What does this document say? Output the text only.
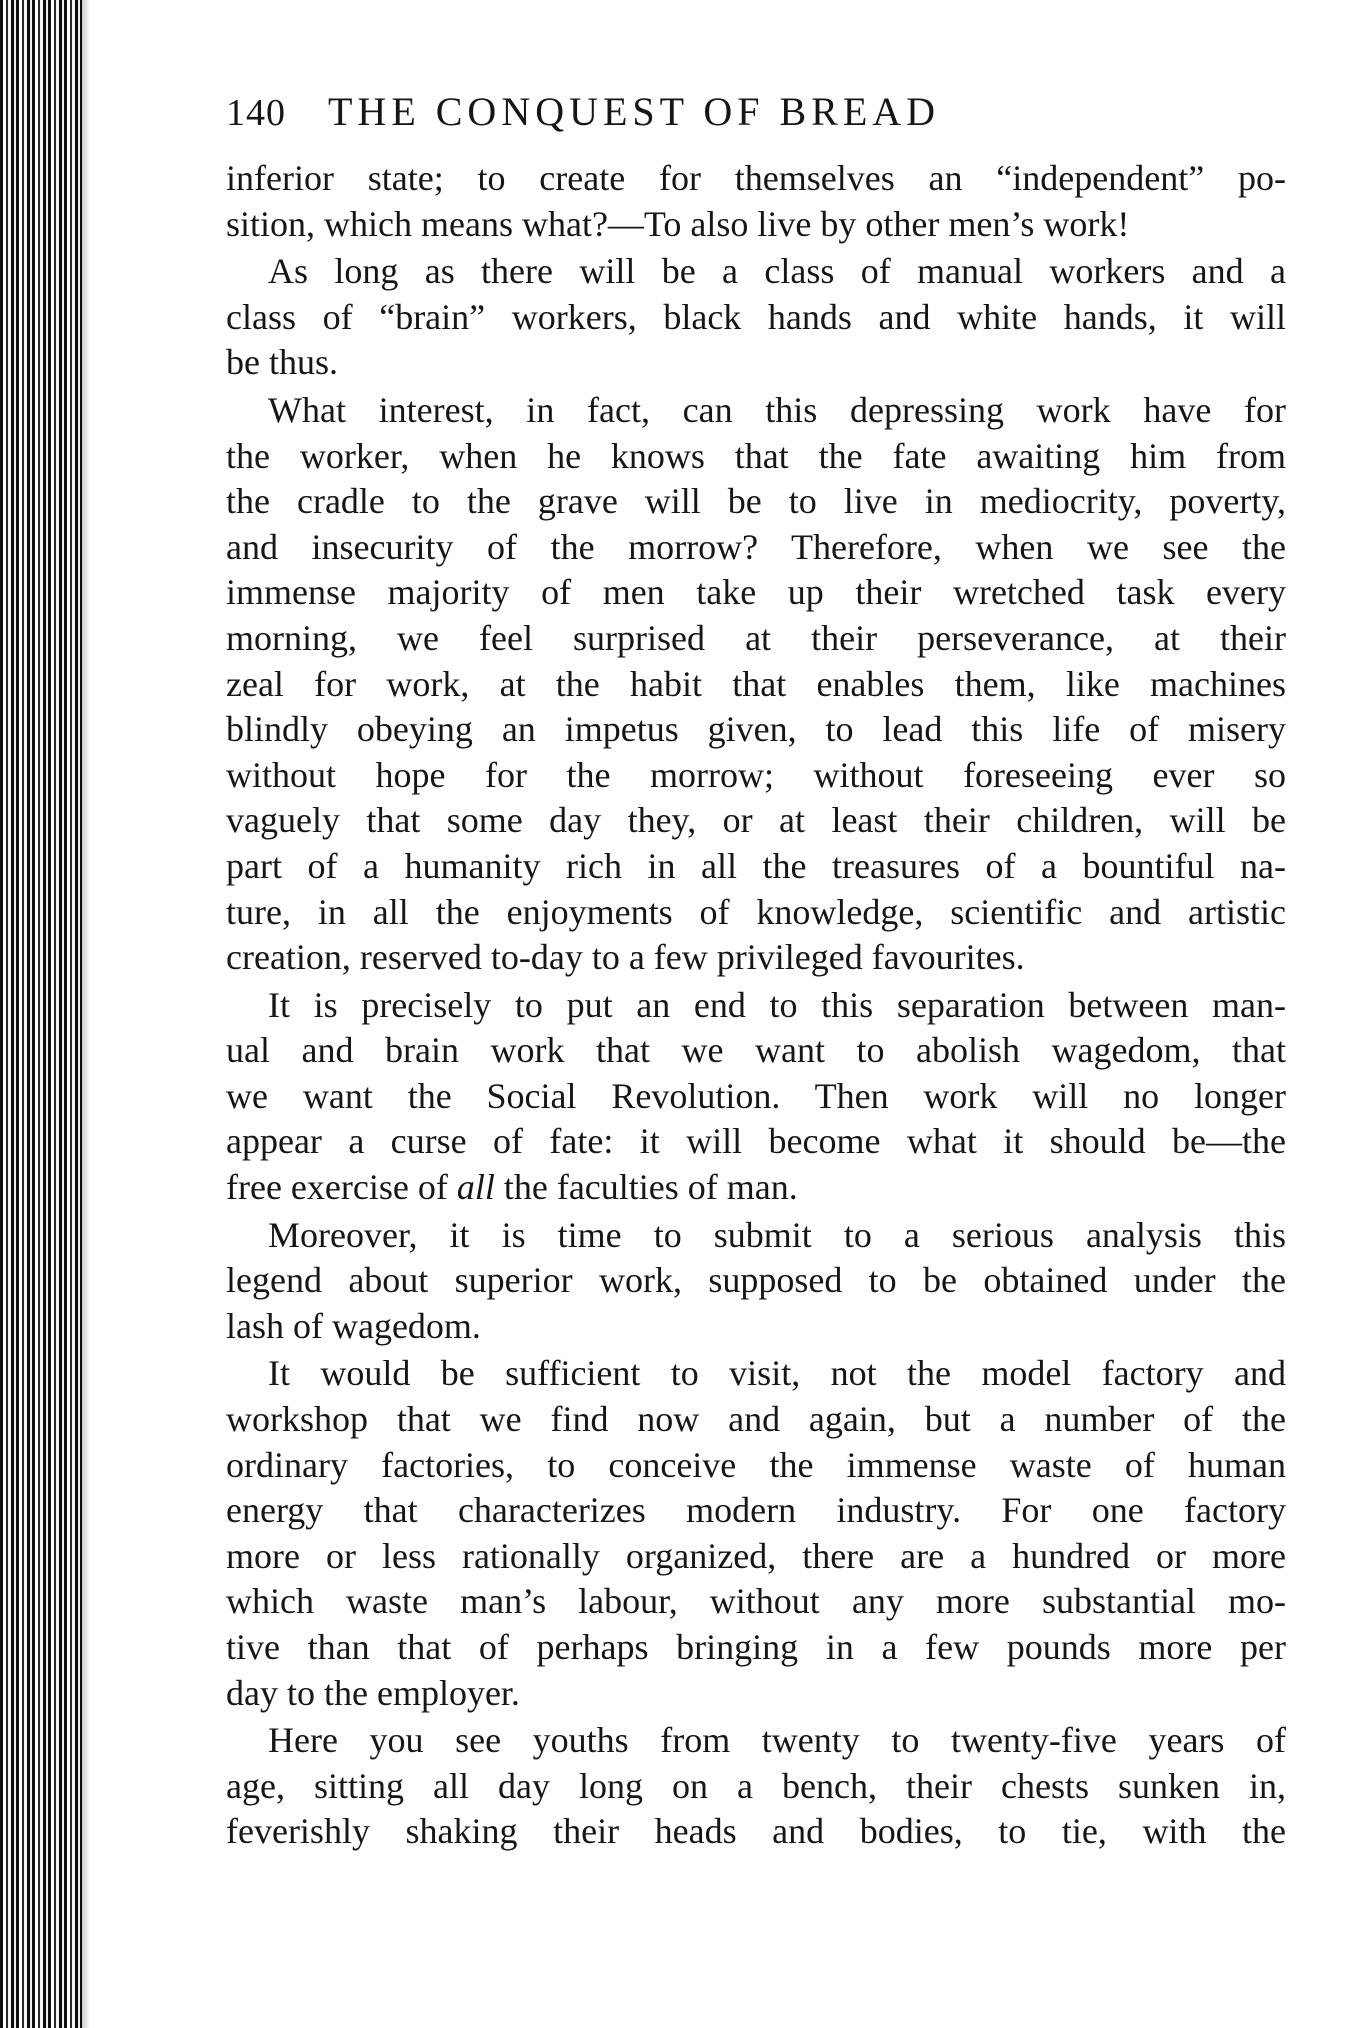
140 THE CONQUEST OF BREAD
inferior state; to create for themselves an “independent” po-
sition, which means what?—To also live by other men’s work!
As long as there will be a class of manual workers and a
class of “brain” workers, black hands and white hands, it will
be thus.
What interest, in fact, can this depressing work have for
the worker, when he knows that the fate awaiting him from
the cradle to the grave will be to live in mediocrity, poverty,
and insecurity of the morrow? Therefore, when we see the
immense majority of men take up their wretched task every
morning, we feel surprised at their perseverance, at their
zeal for work, at the habit that enables them, like machines
blindly obeying an impetus given, to lead this life of misery
without hope for the morrow; without foreseeing ever so
vaguely that some day they, or at least their children, will be
part of a humanity rich in all the treasures of a bountiful na-
ture, in all the enjoyments of knowledge, scientific and artistic
creation, reserved to-day to a few privileged favourites.
It is precisely to put an end to this separation between man-
ual and brain work that we want to abolish wagedom, that
we want the Social Revolution. Then work will no longer
appear a curse of fate: it will become what it should be—the
free exercise of all the faculties of man.
Moreover, it is time to submit to a serious analysis this
legend about superior work, supposed to be obtained under the
lash of wagedom.
It would be sufficient to visit, not the model factory and
workshop that we find now and again, but a number of the
ordinary factories, to conceive the immense waste of human
energy that characterizes modern industry. For one factory
more or less rationally organized, there are a hundred or more
which waste man’s labour, without any more substantial mo-
tive than that of perhaps bringing in a few pounds more per
day to the employer.
Here you see youths from twenty to twenty-five years of
age, sitting all day long on a bench, their chests sunken in,
feverishly shaking their heads and bodies, to tie, with the
